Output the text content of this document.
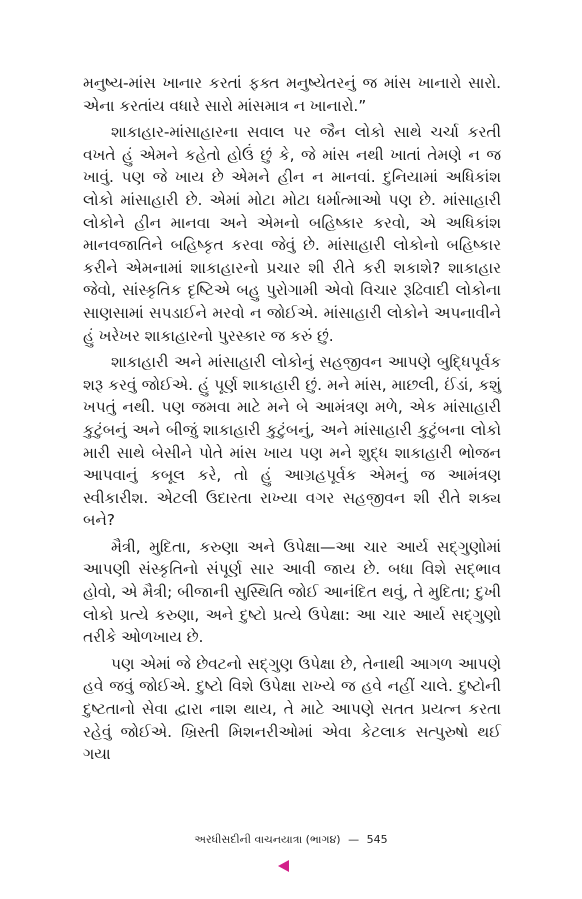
મનુષ્ય-માંસ ખાનાર કરતાં ફક્ત મનુષ્યેતરનું જ માંસ ખાનારો સારો. એના કરતાંય વધારે સારો માંસમાત્ર ન ખાનારો.”

શાકાહાર-માંસાહારના સવાલ પર જૈન લોકો સાથે ચર્ચા કરતી વખતે હું એમને કહેતો હોઉં છું કે, જે માંસ નથી ખાતાં તેમણે ન જ ખાવું. પણ જે ખાય છે એમને હીન ન માનવાં. દુનિયામાં અધિકાંશ લોકો માંસાહારી છે. એમાં મોટા મોટા ધર્માત્માઓ પણ છે. માંસાહારી લોકોને હીન માનવા અને એમનો બહિષ્કાર કરવો, એ અધિકાંશ માનવજાતિને બહિષ્કૃત કરવા જેવું છે. માંસાહારી લોકોનો બહિષ્કાર કરીને એમનામાં શાકાહારનો પ્રચાર શી રીતે કરી શકાશે? શાકાહાર જેવો, સાંસ્કૃતિક દૃષ્ટિએ બહુ પુરોગામી એવો વિચાર રૂઢિવાદી લોકોના સાણસામાં સપડાઈને મરવો ન જોઈએ. માંસાહારી લોકોને અપનાવીને હું ખરેખર શાકાહારનો પુરસ્કાર જ કરું છું.

શાકાહારી અને માંસાહારી લોકોનું સહજીવન આપણે બુદ્ધિપૂર્વક શરૂ કરવું જોઈએ. હું પૂર્ણ શાકાહારી છું. મને માંસ, માછલી, ઈંડાં, કશું ખપતું નથી. પણ જમવા માટે મને બે આમંત્રણ મળે, એક માંસાહારી કુટુંબનું અને બીજું શાકાહારી કુટુંબનું, અને માંસાહારી કુટુંબના લોકો મારી સાથે બેસીને પોતે માંસ ખાય પણ મને શુદ્ધ શાકાહારી ભોજન આપવાનું કબૂલ કરે, તો હું આગ્રહપૂર્વક એમનું જ આમંત્રણ સ્વીકારીશ. એટલી ઉદારતા રાખ્યા વગર સહજીવન શી રીતે શક્ય બને?

મૈત્રી, મુદિતા, કરુણા અને ઉપેક્ષા—આ ચાર આર્ય સદ્ગુણોમાં આપણી સંસ્કૃતિનો સંપૂર્ણ સાર આવી જાય છે. બધા વિશે સદ્ભાવ હોવો, એ મૈત્રી; બીજાની સુસ્થિતિ જોઈ આનંદિત થવું, તે મુદિતા; દુખી લોકો પ્રત્યે કરુણા, અને દુષ્ટો પ્રત્યે ઉપેક્ષા: આ ચાર આર્ય સદ્ગુણો તરીકે ઓળખાય છે.

પણ એમાં જે છેવટનો સદ્ગુણ ઉપેક્ષા છે, તેનાથી આગળ આપણે હવે જવું જોઈએ. દુષ્ટો વિશે ઉપેક્ષા રાખ્યે જ હવે નહીં ચાલે. દુષ્ટોની દુષ્ટતાનો સેવા દ્વારા નાશ થાય, તે માટે આપણે સતત પ્રયત્ન કરતા રહેવું જોઈએ. ખ્રિસ્તી મિશનરીઓમાં એવા કેટલાક સત્પુરુષો થઈ ગયા

અરધીસદીની વાચનયાત્રા (ભાગ૪) — 545
